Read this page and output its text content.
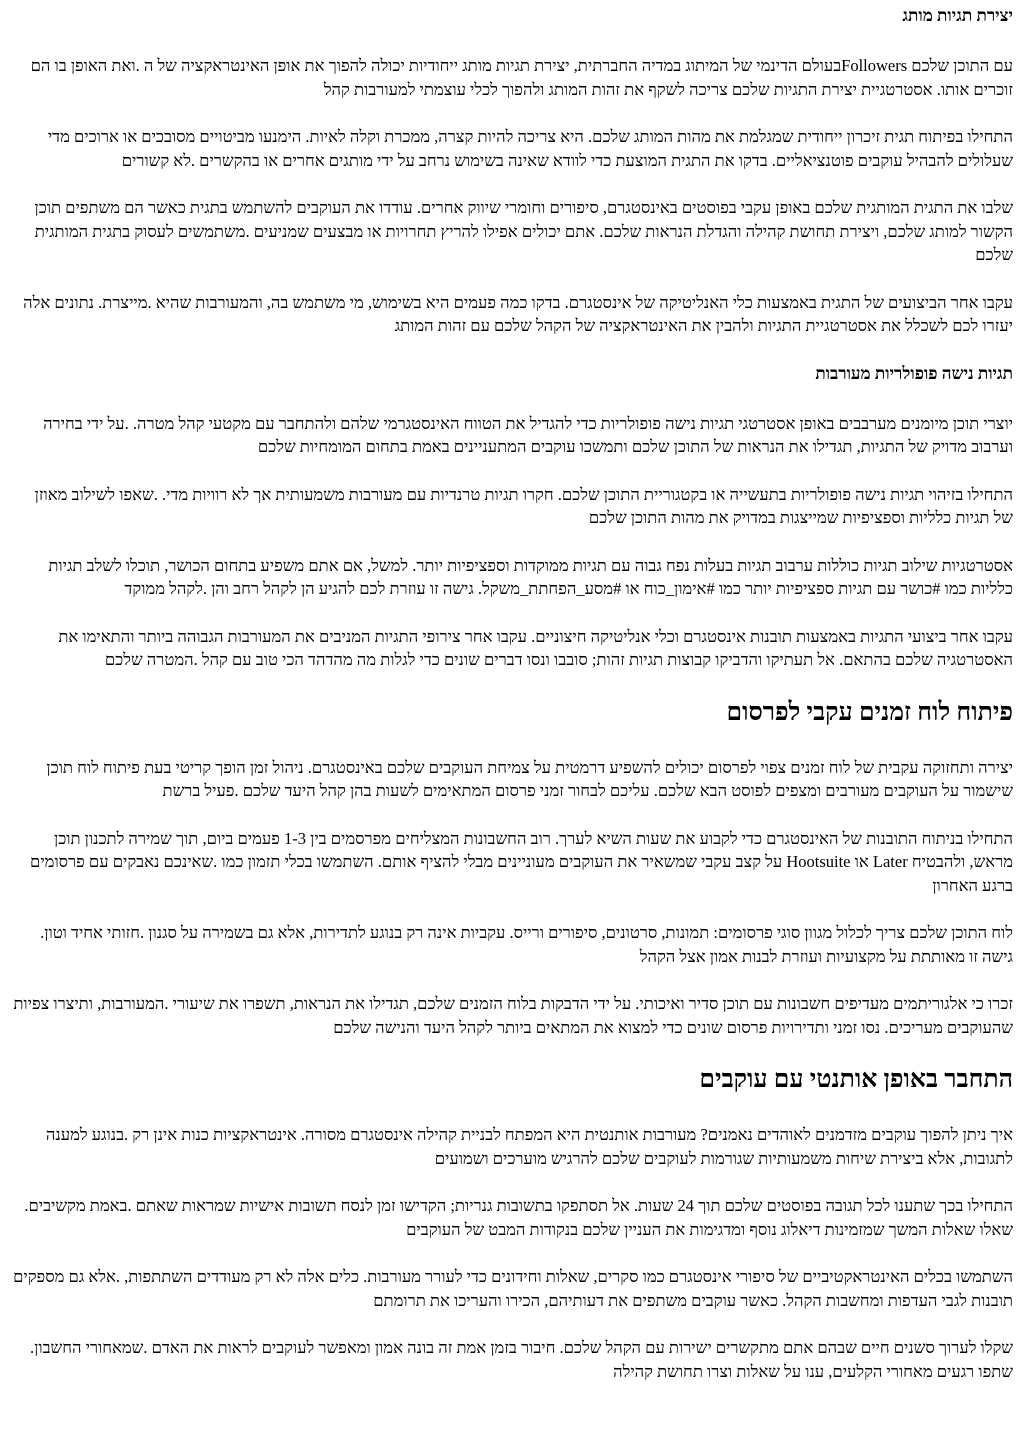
יצירת תגיות מותג

עם התוכן שלכם Followersבעולם הדינמי של המיתוג במדיה החברתית, יצירת תגיות מותג ייחודיות יכולה להפוך את אופן האינטראקציה של ה .ואת האופן בו הם זוכרים אותו. אסטרטגיית יצירת התגיות שלכם צריכה לשקף את זהות המותג ולהפוך לכלי עוצמתי למעורבות קהל

התחילו בפיתוח תגית זיכרון ייחודית שמגלמת את מהות המותג שלכם. היא צריכה להיות קצרה, ממכרת וקלה לאיות. הימנעו מביטויים מסובכים או ארוכים מדי שעלולים להבהיל עוקבים פוטנציאליים. בדקו את התגית המוצעת כדי לוודא שאינה בשימוש נרחב על ידי מותגים אחרים או בהקשרים .לא קשורים

שלבו את התגית המותגית שלכם באופן עקבי בפוסטים באינסטגרם, סיפורים וחומרי שיווק אחרים. עודדו את העוקבים להשתמש בתגית כאשר הם משתפים תוכן הקשור למותג שלכם, ויצירת תחושת קהילה והגדלת הנראות שלכם. אתם יכולים אפילו להריץ תחרויות או מבצעים שמניעים .משתמשים לעסוק בתגית המותגית שלכם

עקבו אחר הביצועים של התגית באמצעות כלי האנליטיקה של אינסטגרם. בדקו כמה פעמים היא בשימוש, מי משתמש בה, והמעורבות שהיא .מייצרת. נתונים אלה יעזרו לכם לשכלל את אסטרטגיית התגיות ולהבין את האינטראקציה של הקהל שלכם עם זהות המותג

תגיות נישה פופולריות מעורבות

יוצרי תוכן מיומנים מערבבים באופן אסטרטגי תגיות נישה פופולריות כדי להגדיל את הטווח האינסטגרמי שלהם ולהתחבר עם מקטעי קהל מטרה. .על ידי בחירה וערבוב מדויק של התגיות, תגדילו את הנראות של התוכן שלכם ותמשכו עוקבים המתעניינים באמת בתחום המומחיות שלכם

התחילו בזיהוי תגיות נישה פופולריות בתעשייה או בקטגוריית התוכן שלכם. חקרו תגיות טרנדיות עם מעורבות משמעותית אך לא רוויות מדי. .שאפו לשילוב מאוזן של תגיות כלליות וספציפיות שמייצגות במדויק את מהות התוכן שלכם

אסטרטגיות שילוב תגיות כוללות ערבוב תגיות בעלות נפח גבוה עם תגיות ממוקדות וספציפיות יותר. למשל, אם אתם משפיע בתחום הכושר, תוכלו לשלב תגיות כלליות כמו #כושר עם תגיות ספציפיות יותר כמו #אימון_כוח או #מסע_הפחתת_משקל. גישה זו עוזרת לכם להגיע הן לקהל רחב והן .לקהל ממוקד

עקבו אחר ביצועי התגיות באמצעות תובנות אינסטגרם וכלי אנליטיקה חיצוניים. עקבו אחר צירופי התגיות המניבים את המעורבות הגבוהה ביותר והתאימו את האסטרטגיה שלכם בהתאם. אל תעתיקו והדביקו קבוצות תגיות זהות; סובבו ונסו דברים שונים כדי לגלות מה מהדהד הכי טוב עם קהל .המטרה שלכם

פיתוח לוח זמנים עקבי לפרסום

יצירה ותחזוקה עקבית של לוח זמנים צפוי לפרסום יכולים להשפיע דרמטית על צמיחת העוקבים שלכם באינסטגרם. ניהול זמן הופך קריטי בעת פיתוח לוח תוכן שישמור על העוקבים מעורבים ומצפים לפוסט הבא שלכם. עליכם לבחור זמני פרסום המתאימים לשעות בהן קהל היעד שלכם .פעיל ברשת

התחילו בניתוח התובנות של האינסטגרם כדי לקבוע את שעות השיא לערך. רוב החשבונות המצליחים מפרסמים בין 1-3 פעמים ביום, תוך שמירה לתכנון תוכן מראש, ולהבטיח Later או Hootsuite על קצב עקבי שמשאיר את העוקבים מעוניינים מבלי להציף אותם. השתמשו בכלי תזמון כמו .שאינכם נאבקים עם פרסומים ברגע האחרון

לוח התוכן שלכם צריך לכלול מגוון סוגי פרסומים: תמונות, סרטונים, סיפורים ורייס. עקביות אינה רק בנוגע לתדירות, אלא גם בשמירה על סגנון .חזותי אחיד וטון. גישה זו מאותתת על מקצועיות ועוזרת לבנות אמון אצל הקהל

זכרו כי אלגוריתמים מעדיפים חשבונות עם תוכן סדיר ואיכותי. על ידי הדבקות בלוח הזמנים שלכם, תגדילו את הנראות, תשפרו את שיעורי .המעורבות, ותיצרו צפיות שהעוקבים מעריכים. נסו זמני ותדירויות פרסום שונים כדי למצוא את המתאים ביותר לקהל היעד והנישה שלכם

התחבר באופן אותנטי עם עוקבים

איך ניתן להפוך עוקבים מזדמנים לאוהדים נאמנים? מעורבות אותנטית היא המפתח לבניית קהילה אינסטגרם מסורה. אינטראקציות כנות אינן רק .בנוגע למענה לתגובות, אלא ביצירת שיחות משמעותיות שגורמות לעוקבים שלכם להרגיש מוערכים ושמועים

התחילו בכך שתענו לכל תגובה בפוסטים שלכם תוך 24 שעות. אל תסתפקו בתשובות גנריות; הקדישו זמן לנסח תשובות אישיות שמראות שאתם .באמת מקשיבים. שאלו שאלות המשך שמזמינות דיאלוג נוסף ומדגימות את העניין שלכם בנקודות המבט של העוקבים

השתמשו בכלים האינטראקטיביים של סיפורי אינסטגרם כמו סקרים, שאלות וחידונים כדי לעורר מעורבות. כלים אלה לא רק מעודדים השתתפות, .אלא גם מספקים תובנות לגבי העדפות ומחשבות הקהל. כאשר עוקבים משתפים את דעותיהם, הכירו והעריכו את תרומתם

שקלו לערוך סשנים חיים שבהם אתם מתקשרים ישירות עם הקהל שלכם. חיבור בזמן אמת זה בונה אמון ומאפשר לעוקבים לראות את האדם .שמאחורי החשבון. שתפו רגעים מאחורי הקלעים, ענו על שאלות וצרו תחושת קהילה
